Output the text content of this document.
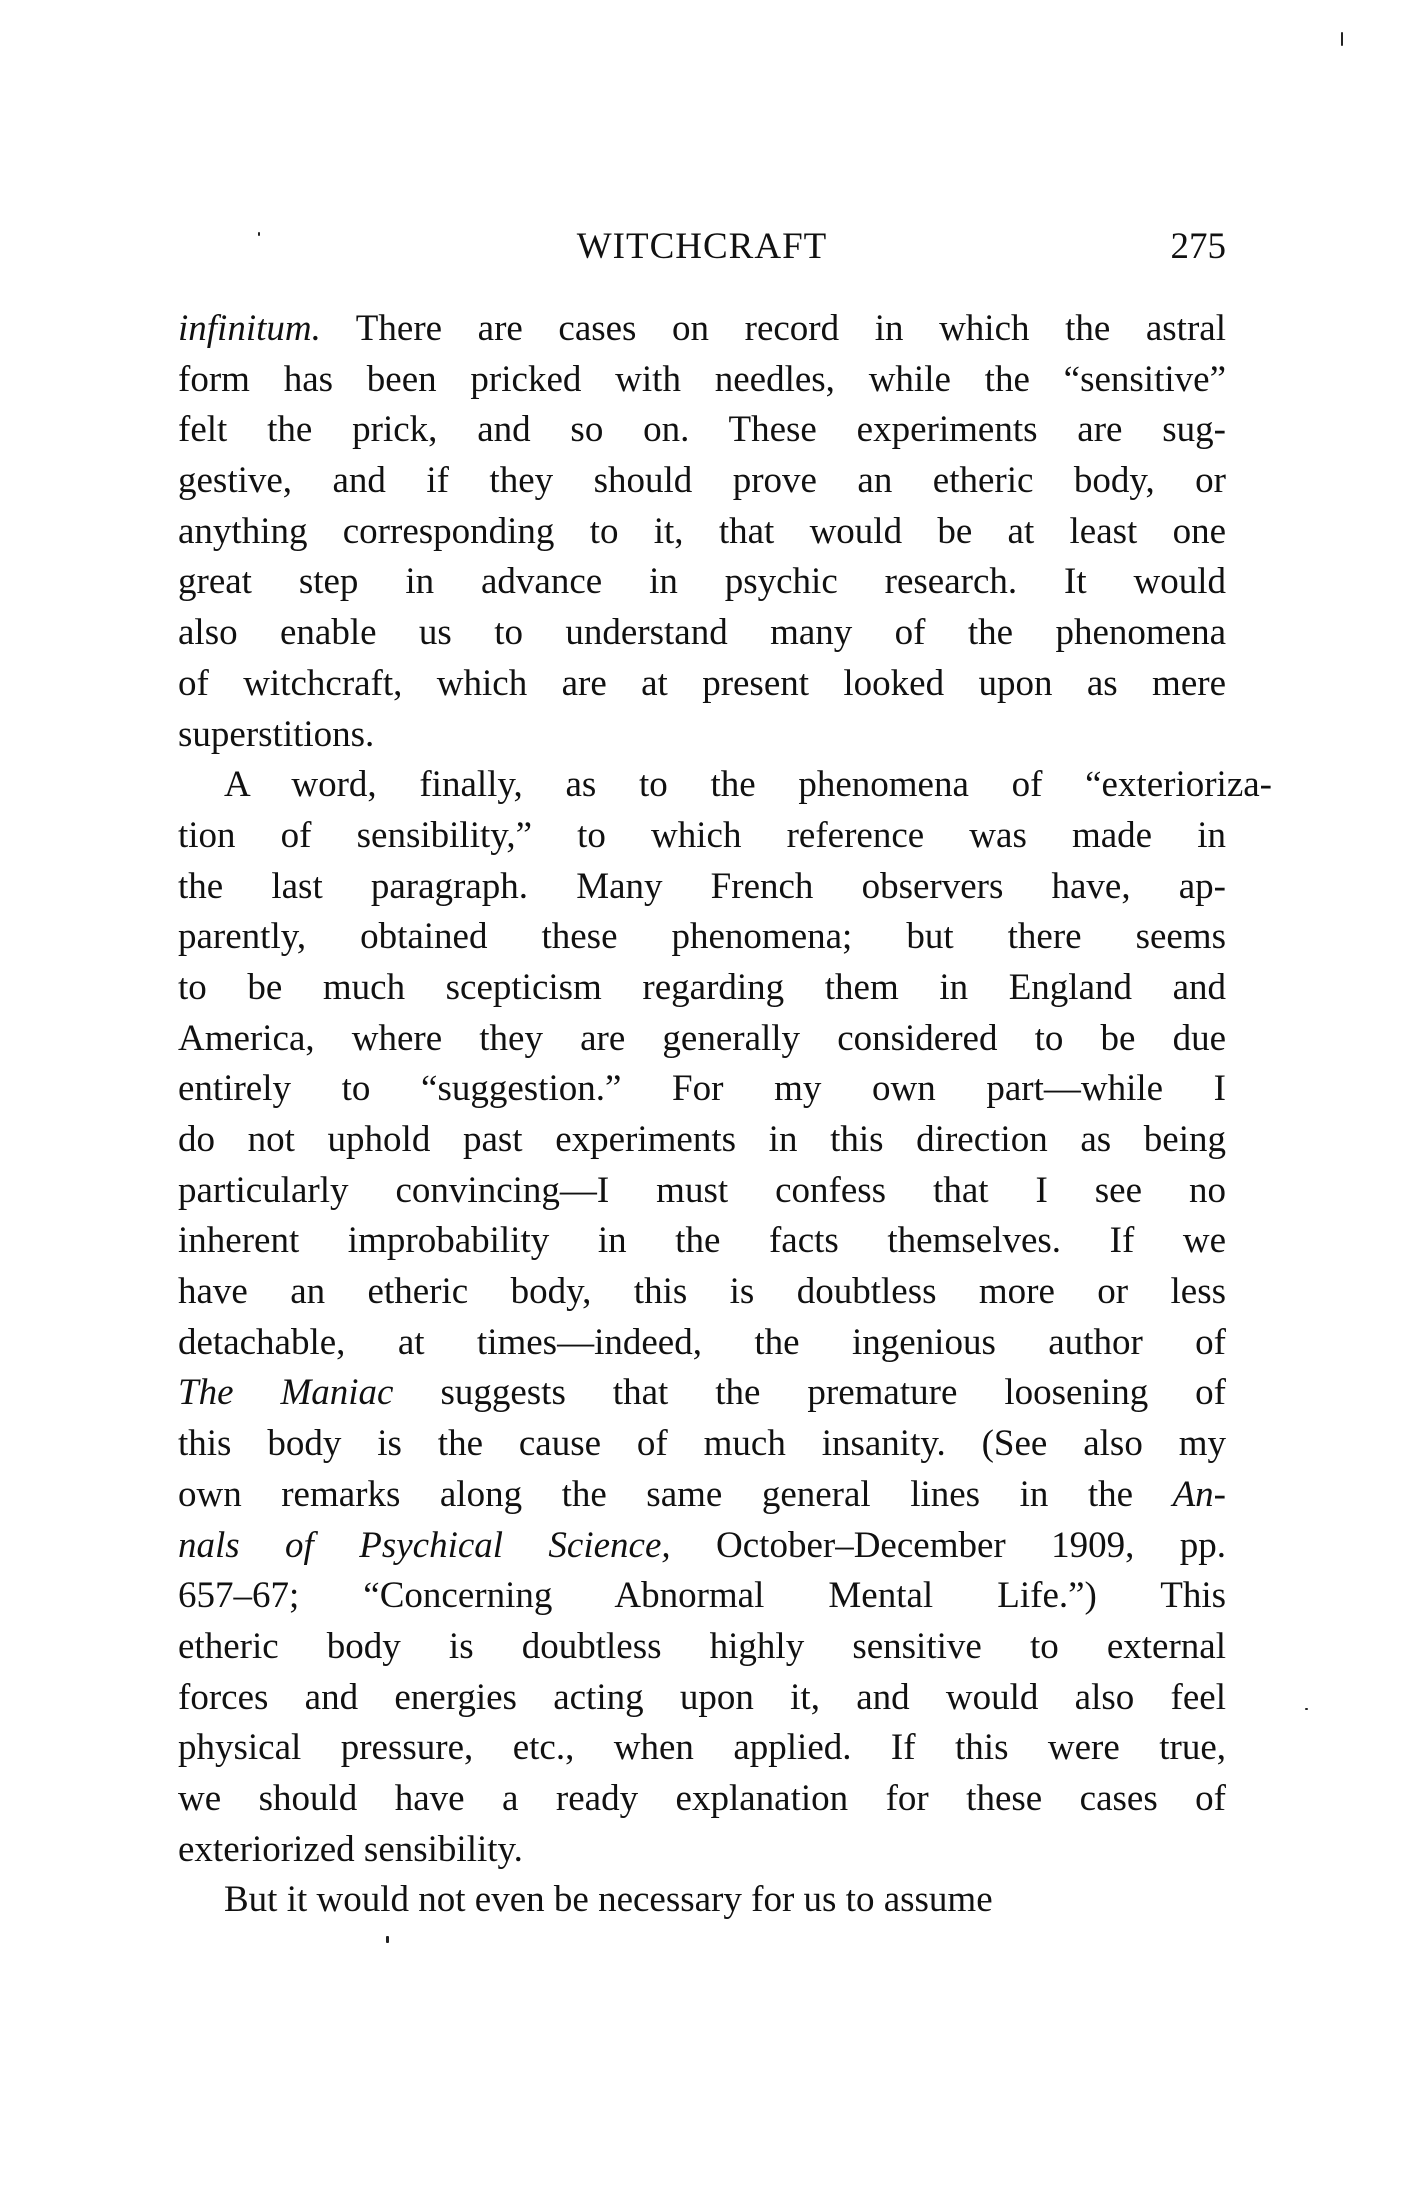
WITCHCRAFT	275
infinitum. There are cases on record in which the astral
form has been pricked with needles, while the “sensitive”
felt the prick, and so on. These experiments are sug-
gestive, and if they should prove an etheric body, or
anything corresponding to it, that would be at least one
great step in advance in psychic research. It would
also enable us to understand many of the phenomena
of witchcraft, which are at present looked upon as mere
superstitions.
A word, finally, as to the phenomena of “exterioriza-
tion of sensibility,” to which reference was made in
the last paragraph. Many French observers have, ap-
parently, obtained these phenomena; but there seems
to be much scepticism regarding them in England and
America, where they are generally considered to be due
entirely to “suggestion.” For my own part—while I
do not uphold past experiments in this direction as being
particularly convincing—I must confess that I see no
inherent improbability in the facts themselves. If we
have an etheric body, this is doubtless more or less
detachable, at times—indeed, the ingenious author of
The Maniac suggests that the premature loosening of
this body is the cause of much insanity. (See also my
own remarks along the same general lines in the An-
nals of Psychical Science, October–December 1909, pp.
657–67; “Concerning Abnormal Mental Life.”) This
etheric body is doubtless highly sensitive to external
forces and energies acting upon it, and would also feel
physical pressure, etc., when applied. If this were true,
we should have a ready explanation for these cases of
exteriorized sensibility.
But it would not even be necessary for us to assume
